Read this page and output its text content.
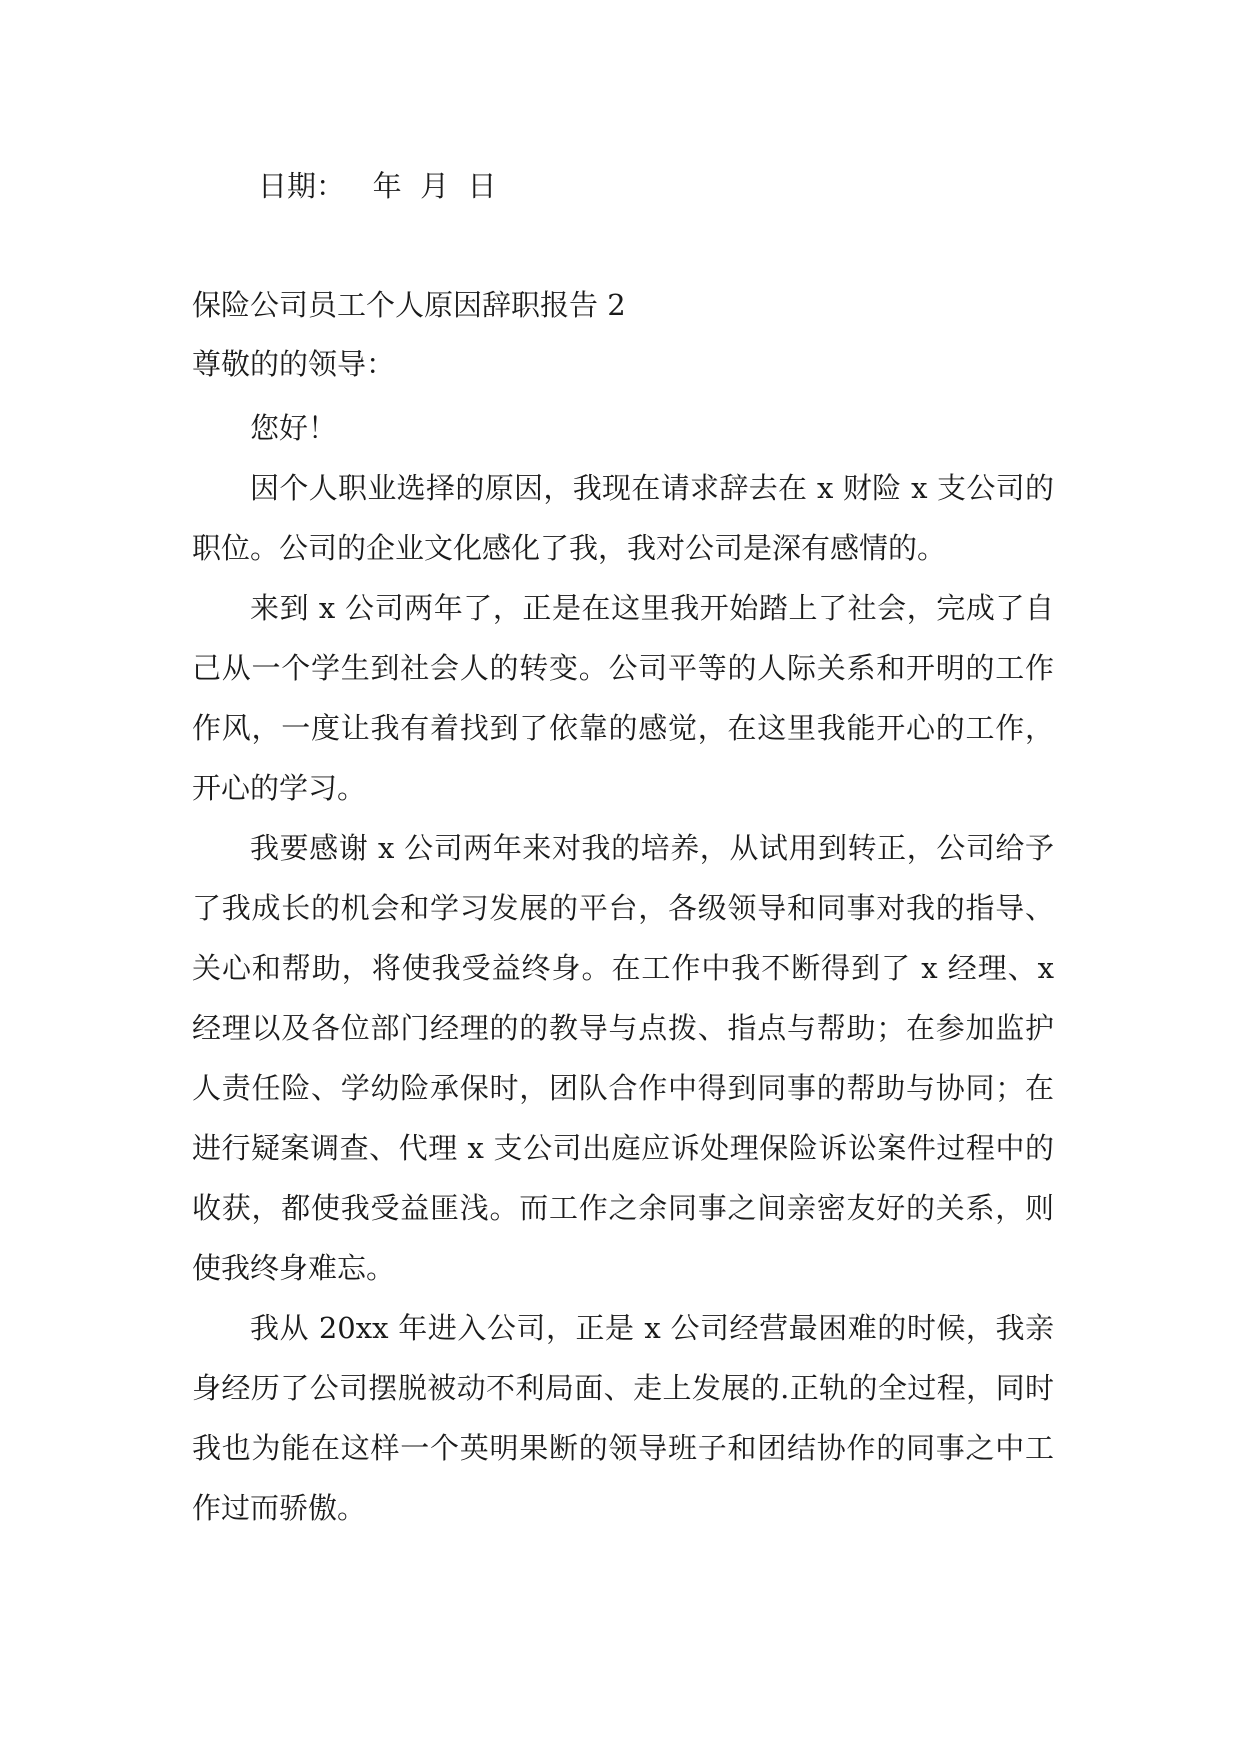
日期：   年  月  日
保险公司员工个人原因辞职报告 2
尊敬的的领导：

您好！

因个人职业选择的原因，我现在请求辞去在 x 财险 x 支公司的职位。公司的企业文化感化了我，我对公司是深有感情的。

来到 x 公司两年了，正是在这里我开始踏上了社会，完成了自己从一个学生到社会人的转变。公司平等的人际关系和开明的工作作风，一度让我有着找到了依靠的感觉，在这里我能开心的工作，开心的学习。

我要感谢 x 公司两年来对我的培养，从试用到转正，公司给予了我成长的机会和学习发展的平台，各级领导和同事对我的指导、关心和帮助，将使我受益终身。在工作中我不断得到了 x 经理、x 经理以及各位部门经理的的教导与点拨、指点与帮助；在参加监护人责任险、学幼险承保时，团队合作中得到同事的帮助与协同；在进行疑案调查、代理 x 支公司出庭应诉处理保险诉讼案件过程中的收获，都使我受益匪浅。而工作之余同事之间亲密友好的关系，则使我终身难忘。

我从 20xx 年进入公司，正是 x 公司经营最困难的时候，我亲身经历了公司摆脱被动不利局面、走上发展的.正轨的全过程，同时我也为能在这样一个英明果断的领导班子和团结协作的同事之中工作过而骄傲。
